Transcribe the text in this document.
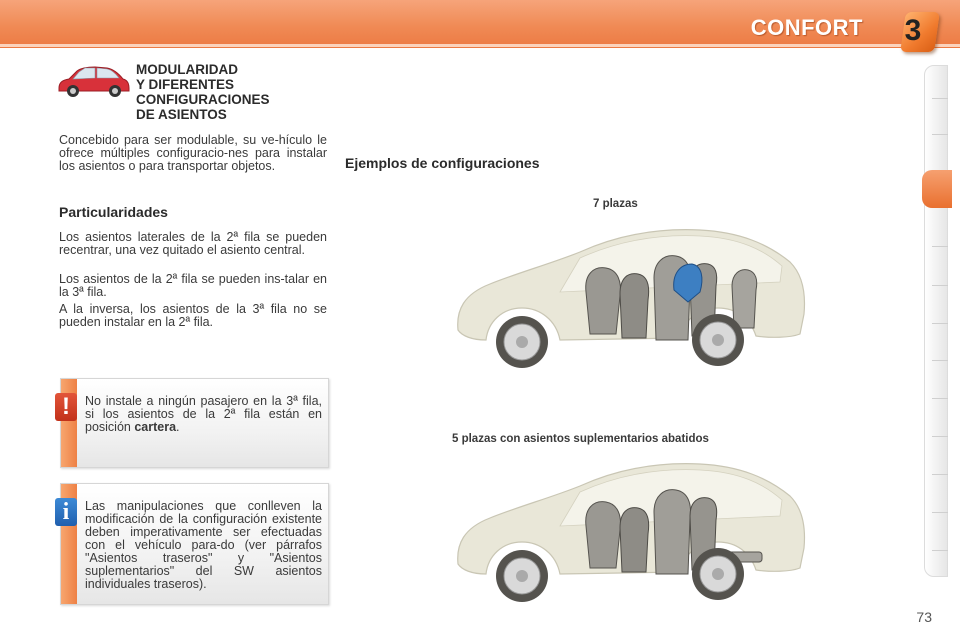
CONFORT 3
MODULARIDAD
Y DIFERENTES
CONFIGURACIONES
DE ASIENTOS

Concebido para ser modulable, su ve-hículo le ofrece múltiples configuracio-nes para instalar los asientos o para transportar objetos.

Particularidades

Los asientos laterales de la 2ª fila se pueden recentrar, una vez quitado el asiento central.

Los asientos de la 2ª fila se pueden ins-talar en la 3ª fila.

A la inversa, los asientos de la 3ª fila no se pueden instalar en la 2ª fila.

!	No instale a ningún pasajero en la 3ª fila, si los asientos de la 2ª fila están en posición cartera.

i	Las manipulaciones que conlleven la modificación de la configuración existente deben imperativamente ser efectuadas con el vehículo para-do (ver párrafos "Asientos traseros" y "Asientos suplementarios" del SW asientos individuales traseros).

Ejemplos de configuraciones

7 plazas

5 plazas con asientos suplementarios abatidos

73
